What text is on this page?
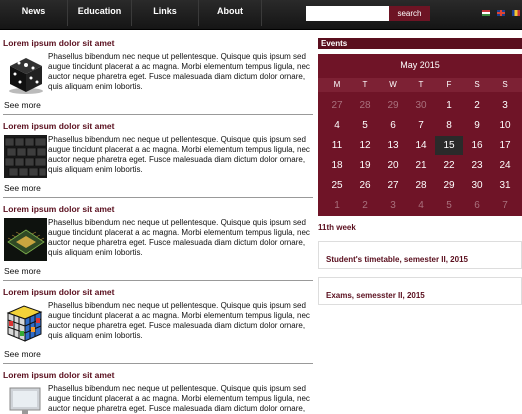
News	Education	Links	About	search
Lorem ipsum dolor sit amet
Phasellus bibendum nec neque ut pellentesque. Quisque quis ipsum sed augue tincidunt placerat a ac magna. Morbi elementum tempus ligula, nec auctor neque pharetra eget. Fusce malesuada diam dictum dolor ornare, quis aliquam enim lobortis.
See more
Lorem ipsum dolor sit amet
Phasellus bibendum nec neque ut pellentesque. Quisque quis ipsum sed augue tincidunt placerat a ac magna. Morbi elementum tempus ligula, nec auctor neque pharetra eget. Fusce malesuada diam dictum dolor ornare, quis aliquam enim lobortis.
See more
Lorem ipsum dolor sit amet
Phasellus bibendum nec neque ut pellentesque. Quisque quis ipsum sed augue tincidunt placerat a ac magna. Morbi elementum tempus ligula, nec auctor neque pharetra eget. Fusce malesuada diam dictum dolor ornare, quis aliquam enim lobortis.
See more
Lorem ipsum dolor sit amet
Phasellus bibendum nec neque ut pellentesque. Quisque quis ipsum sed augue tincidunt placerat a ac magna. Morbi elementum tempus ligula, nec auctor neque pharetra eget. Fusce malesuada diam dictum dolor ornare, quis aliquam enim lobortis.
See more
Lorem ipsum dolor sit amet
Phasellus bibendum nec neque ut pellentesque. Quisque quis ipsum sed augue tincidunt placerat a ac magna. Morbi elementum tempus ligula, nec auctor neque pharetra eget. Fusce malesuada diam dictum dolor ornare,
Events
May 2015
M	T	W	T	F	S	S
27	28	29	30	1	2	3
4	5	6	7	8	9	10
11	12	13	14	15	16	17
18	19	20	21	22	23	24
25	26	27	28	29	30	31
1	2	3	4	5	6	7
11th week
Student's timetable, semester II, 2015
Exams, semesster II, 2015
